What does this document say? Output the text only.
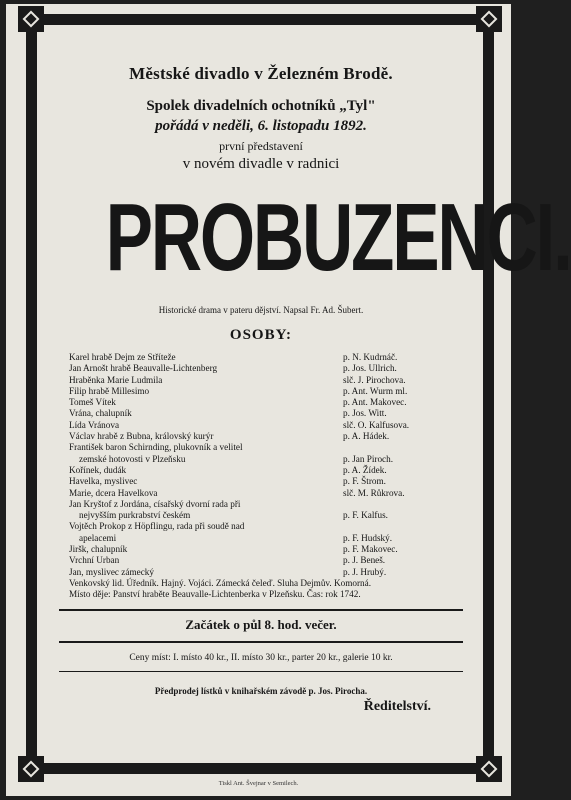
Městské divadlo v Železném Brodě.
Spolek divadelních ochotníků „Tyl"
pořádá v neděli, 6. listopadu 1892.
první představení
v novém divadle v radnici
PROBUZENCI.
Historické drama v pateru dějství. Napsal Fr. Ad. Šubert.
OSOBY:
Karel hrabě Dejm ze Stříteže	p. N. Kudrnáč.
Jan Arnošt hrabě Beauvalle-Lichtenberg	p. Jos. Ullrich.
Hraběnka Marie Ludmila	slč. J. Pirochova.
Filip hrabě Millesimo	p. Ant. Wurm ml.
Tomeš Vítek	p. Ant. Makovec.
Vrána, chalupník	p. Jos. Witt.
Lída Vránova	slč. O. Kalfusova.
Václav hrabě z Bubna, královský kurýr	p. A. Hádek.
František baron Schirnding, plukovník a velitel
zemské hotovosti v Plzeňsku	p. Jan Piroch.
Kořínek, dudák	p. A. Žídek.
Havelka, myslivec	p. F. Štrom.
Marie, dcera Havelkova	slč. M. Růkrova.
Jan Kryštof z Jordána, císařský dvorní rada při
nejvyšším purkrabství českém	p. F. Kalfus.
Vojtěch Prokop z Höpflingu, rada při soudě nad
apelacemi	p. F. Hudský.
Jiršk, chalupník	p. F. Makovec.
Vrchní Urban	p. J. Beneš.
Jan, myslivec zámecký	p. J. Hrubý.
Venkovský lid. Úředník. Hajný. Vojáci. Zámecká čeleď. Sluha Dejmův. Komorná.
Místo děje: Panství hraběte Beauvalle-Lichtenberka v Plzeňsku. Čas: rok 1742.
Začátek o půl 8. hod. večer.
Ceny míst: I. místo 40 kr., II. místo 30 kr., parter 20 kr., galerie 10 kr.
Předprodej lístků v knihařském závodě p. Jos. Pirocha.
Ředitelství.
Tiskl Ant. Švejnar v Semilech.
